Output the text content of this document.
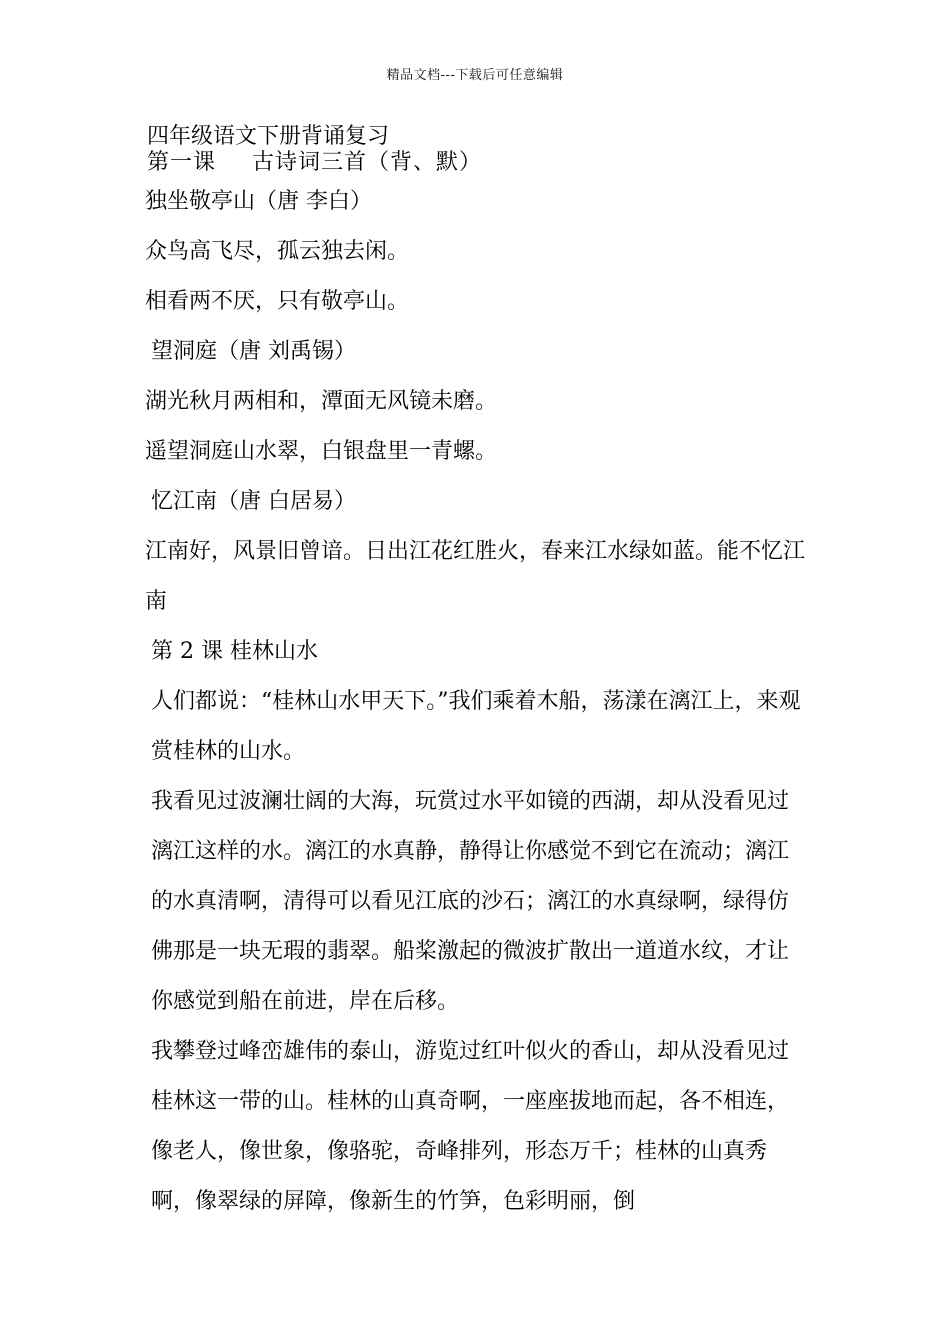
精品文档---下载后可任意编辑
四年级语文下册背诵复习
第一课 古诗词三首（背、默）

独坐敬亭山（唐 李白）

众鸟高飞尽，孤云独去闲。

相看两不厌，只有敬亭山。

望洞庭（唐 刘禹锡）

湖光秋月两相和，潭面无风镜未磨。

遥望洞庭山水翠，白银盘里一青螺。

忆江南（唐 白居易）

江南好，风景旧曾谙。日出江花红胜火，春来江水绿如蓝。能不忆江南

第 2 课 桂林山水

人们都说：“桂林山水甲天下。”我们乘着木船，荡漾在漓江上，来观赏桂林的山水。

我看见过波澜壮阔的大海，玩赏过水平如镜的西湖，却从没看见过漓江这样的水。漓江的水真静，静得让你感觉不到它在流动；漓江的水真清啊，清得可以看见江底的沙石；漓江的水真绿啊，绿得仿佛那是一块无瑕的翡翠。船桨激起的微波扩散出一道道水纹，才让你感觉到船在前进，岸在后移。

我攀登过峰峦雄伟的泰山，游览过红叶似火的香山，却从没看见过桂林这一带的山。桂林的山真奇啊，一座座拔地而起，各不相连，像老人，像世象，像骆驼，奇峰排列，形态万千；桂林的山真秀啊，像翠绿的屏障，像新生的竹笋，色彩明丽，倒
